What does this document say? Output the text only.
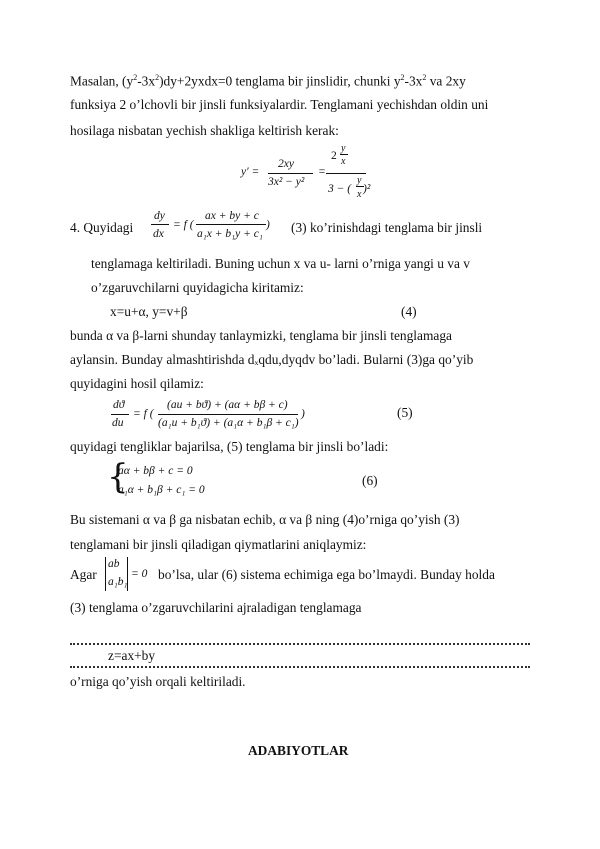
Masalan, $(y^2-3x^2)dy+2yxdx=0$ tenglama bir jinslidir, chunki $y^2-3x^2$ va 2xy
funksiya 2 o’lchovli bir jinsli funksiyalardir. Tenglamani yechishdan oldin uni
hosilaga nisbatan yechish shakliga keltirish kerak:
y′ =
2xy
3x² − y²
=
2
y
x
3 − (
y
x )²
4. Quyidagi
dy
dx
= f (
ax + by + c
a₁x + b₁y + c₁
) (3) ko’rinishdagi tenglama bir jinsli
tenglamaga keltiriladi. Buning uchun x va u- larni o’rniga yangi u va v
o’zgaruvchilarni quyidagicha kiritamiz:
x=u+α, y=v+β	(4)
bunda α va β-larni shunday tanlaymizki, tenglama bir jinsli tenglamaga
aylansin. Bunday almashtirishda dₓqdu,dyqdv bo’ladi. Bularni (3)ga qo’yib
quyidagini hosil qilamiz:
dϑ
du
= f (
(au + bϑ) + (aα + bβ + c)
(a₁u + b₁ϑ) + (a₁α + b₁β + c₁)
)	(5)
quyidagi tengliklar bajarilsa, (5) tenglama bir jinsli bo’ladi:
{
aα + bβ + c = 0
a₁α + b₁β + c₁ = 0
(6)
Bu sistemani α va β ga nisbatan echib, α va β ning (4)o’rniga qo’yish (3)
tenglamani bir jinsli qiladigan qiymatlarini aniqlaymiz:
Agar
ab
a₁b₁
= 0 bo’lsa, ular (6) sistema echimiga ega bo’lmaydi. Bunday holda
(3) tenglama o’zgaruvchilarini ajraladigan tenglamaga
z=ax+by
o’rniga qo’yish orqali keltiriladi.
ADABIYOTLAR
